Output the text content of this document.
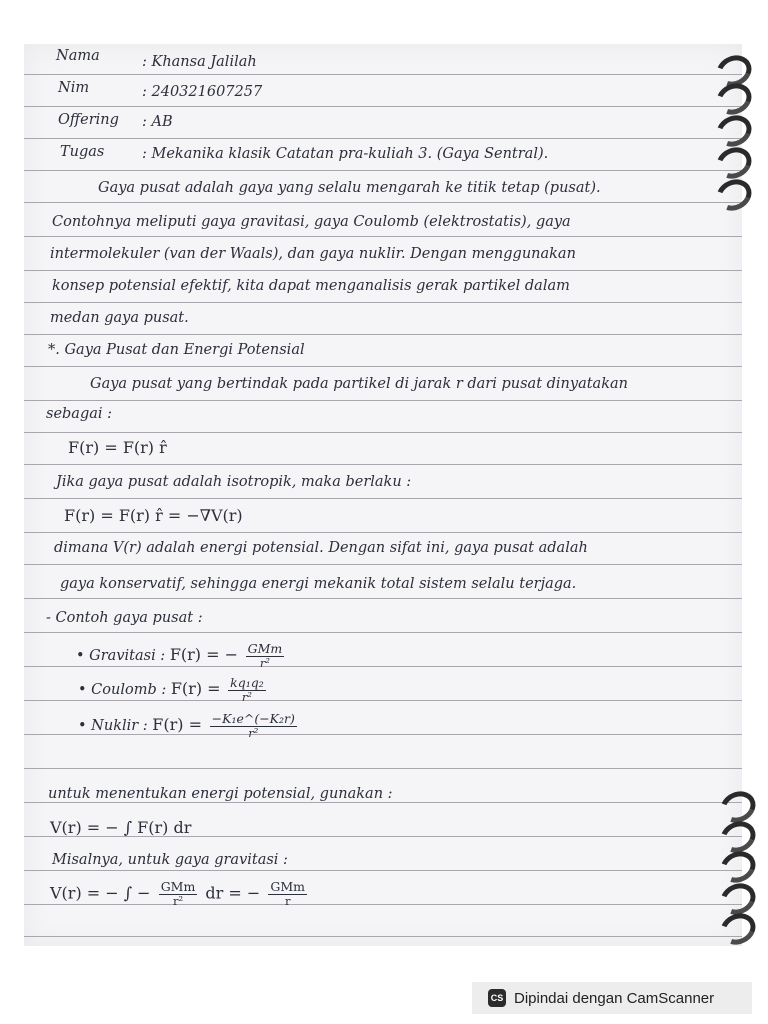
Nama	: Khansa Jalilah
Nim	: 240321607257
Offering : AB
Tugas	: Mekanika klasik Catatan pra-kuliah 3. (Gaya Sentral).
Gaya pusat adalah gaya yang selalu mengarah ke titik tetap (pusat).
Contohnya meliputi gaya gravitasi, gaya Coulomb (elektrostatis), gaya
intermolekuler (van der Waals), dan gaya nuklir. Dengan menggunakan
konsep potensial efektif, kita dapat menganalisis gerak partikel dalam
medan gaya pusat.
*. Gaya Pusat dan Energi Potensial
Gaya pusat yang bertindak pada partikel di jarak r dari pusat dinyatakan
sebagai :
F(r) = F(r) r̂
Jika gaya pusat adalah isotropik, maka berlaku :
F(r) = F(r) r̂ = −∇V(r)
dimana V(r) adalah energi potensial. Dengan sifat ini, gaya pusat adalah
gaya konservatif, sehingga energi mekanik total sistem selalu terjaga.
- Contoh gaya pusat :
• Gravitasi : F(r) = − $\frac{\text{GMm}}{\text{r²}}$
• Coulomb : $F(r) = \frac{\text{kq₁q₂}}{\text{r²}}$
• Nuklir : $F(r) = \frac{\text{−K₁e\textasciicircum{}(−K₂r)}}{\text{r²}}$
untuk menentukan energi potensial, gunakan :
V(r) = − ∫ F(r) dr
Misalnya, untuk gaya gravitasi :
V(r) = − ∫ − $\frac{\text{GMm}}{\text{r²}}$ dr = − $\frac{\text{GMm}}{r}$
CS Dipindai dengan CamScanner
